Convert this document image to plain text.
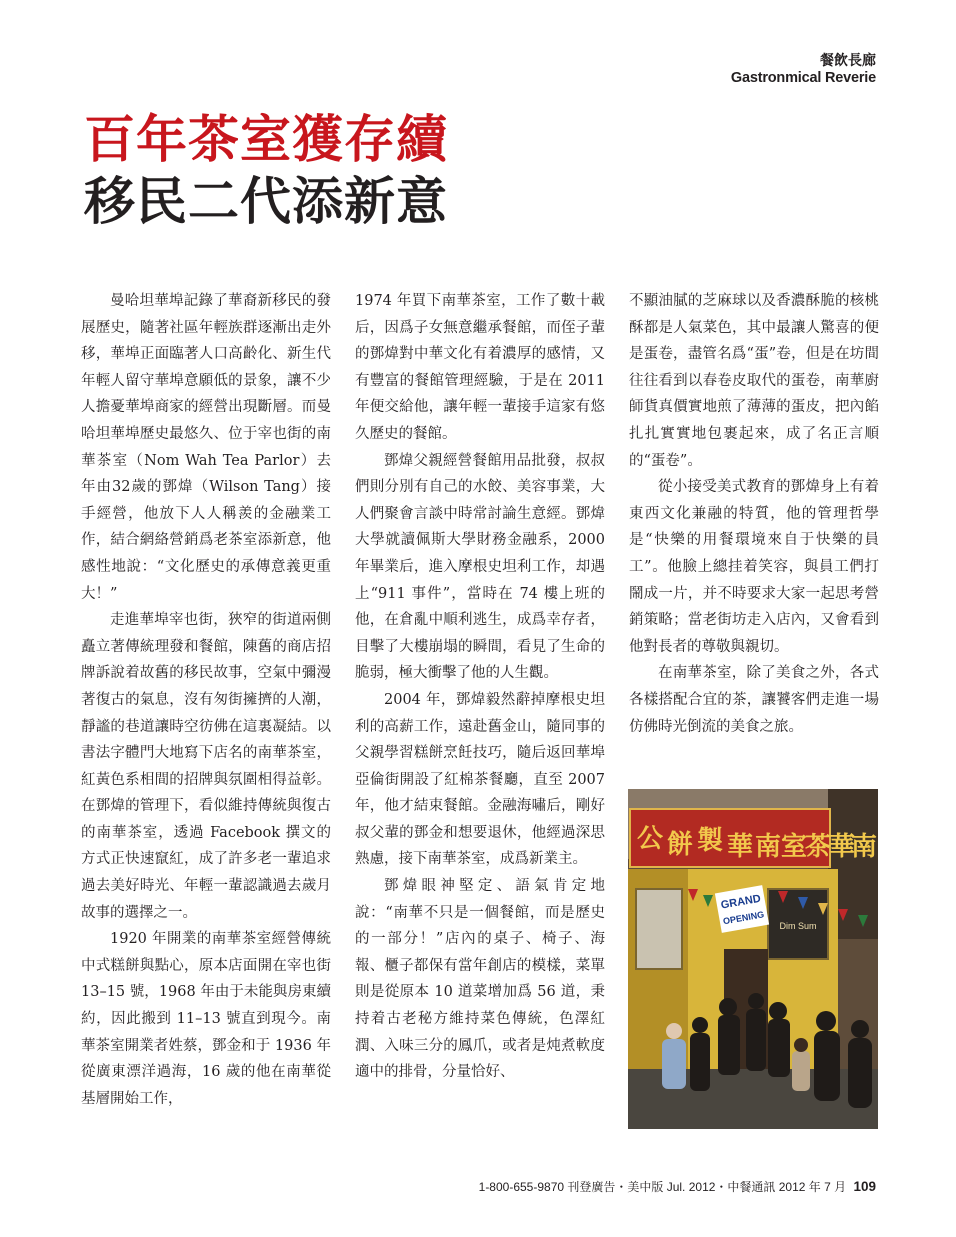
餐飲長廊
Gastronmical Reverie
百年茶室獲存續
移民二代添新意

曼哈坦華埠記錄了華裔新移民的發展歷史，隨著社區年輕族群逐漸出走外移，華埠正面臨著人口高齡化、新生代年輕人留守華埠意願低的景象，讓不少人擔憂華埠商家的經營出現斷層。而曼哈坦華埠歷史最悠久、位于宰也街的南華茶室（Nom Wah Tea Parlor）去年由32歲的鄧煒（Wilson Tang）接手經營，他放下人人稱羨的金融業工作，結合網絡營銷爲老茶室添新意，他感性地說：“文化歷史的承傳意義更重大！”

走進華埠宰也街，狹窄的街道兩側矗立著傳統理發和餐館，陳舊的商店招牌訴說着故舊的移民故事，空氣中彌漫著復古的氣息，沒有匆街擁擠的人潮，靜謐的巷道讓時空彷佛在這裏凝結。以書法字體門大地寫下店名的南華茶室，紅黃色系相間的招牌與氛圍相得益彰。在鄧煒的管理下，看似維持傳統與復古的南華茶室，透過 Facebook 撰文的方式正快速竄紅，成了許多老一輩追求過去美好時光、年輕一輩認識過去歲月故事的選擇之一。

1920 年開業的南華茶室經營傳統中式糕餅與點心，原本店面開在宰也街 13–15 號，1968 年由于未能與房東續約，因此搬到 11–13 號直到現今。南華茶室開業者姓蔡，鄧金和于 1936 年從廣東漂洋過海，16 歲的他在南華從基層開始工作，

1974 年買下南華茶室，工作了數十載后，因爲子女無意繼承餐館，而侄子輩的鄧煒對中華文化有着濃厚的感情，又有豐富的餐館管理經驗，于是在 2011 年便交給他，讓年輕一輩接手這家有悠久歷史的餐館。

鄧煒父親經營餐館用品批發，叔叔們則分別有自己的水餃、美容事業，大人們聚會言談中時常討論生意經。鄧煒大學就讀佩斯大學財務金融系，2000 年畢業后，進入摩根史坦利工作，却遇上“911 事件”，當時在 74 樓上班的他，在倉亂中順利逃生，成爲幸存者，目擊了大樓崩塌的瞬間，看見了生命的脆弱，極大衝擊了他的人生觀。

2004 年，鄧煒毅然辭掉摩根史坦利的高薪工作，遠赴舊金山，隨同事的父親學習糕餅烹飪技巧，隨后返回華埠亞倫街開設了紅棉茶餐廳，直至 2007 年，他才結束餐館。金融海嘯后，剛好叔父輩的鄧金和想要退休，他經過深思熟慮，接下南華茶室，成爲新業主。

鄧煒眼神堅定、語氣肯定地說：“南華不只是一個餐館，而是歷史的一部分！”店內的桌子、椅子、海報、櫃子都保有當年創店的模樣，菜單則是從原本 10 道菜增加爲 56 道，秉持着古老秘方維持菜色傳統，色澤紅潤、入味三分的鳳爪，或者是炖煮軟度適中的排骨，分量恰好、

不顯油膩的芝麻球以及香濃酥脆的核桃酥都是人氣菜色，其中最讓人驚喜的便是蛋卷，盡管名爲“蛋”卷，但是在坊間往往看到以春卷皮取代的蛋卷，南華廚師貨真價實地煎了薄薄的蛋皮，把內餡扎扎實實地包裹起來，成了名正言順的“蛋卷”。

從小接受美式教育的鄧煒身上有着東西文化兼融的特質，他的管理哲學是“快樂的用餐環境來自于快樂的員工”。他臉上總挂着笑容，與員工們打鬧成一片，并不時要求大家一起思考營銷策略；當老街坊走入店內，又會看到他對長者的尊敬與親切。

在南華茶室，除了美食之外，各式各樣搭配合宜的茶，讓饕客們走進一場仿佛時光倒流的美食之旅。

公 餅 製 華 南 室
茶
華
南
GRAND
OPENING Dim Sum
1-800-655-9870 刊登廣告・美中版 Jul. 2012・中餐通訊 2012 年 7 月 109
